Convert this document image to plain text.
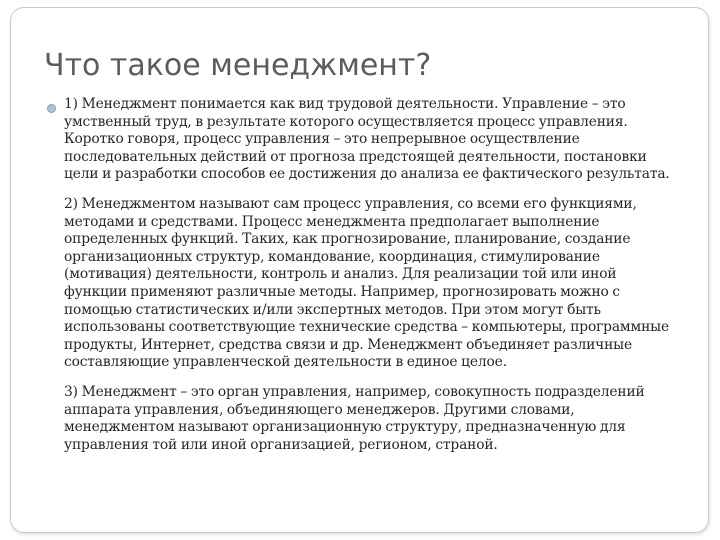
Что такое менеджмент?

1) Менеджмент понимается как вид трудовой деятельности. Управление – это умственный труд, в результате которого осуществляется процесс управления. Коротко говоря, процесс управления – это непрерывное осуществление последовательных действий от прогноза предстоящей деятельности, постановки цели и разработки способов ее достижения до анализа ее фактического результата.

2) Менеджментом называют сам процесс управления, со всеми его функциями, методами и средствами. Процесс менеджмента предполагает выполнение определенных функций. Таких, как прогнозирование, планирование, создание организационных структур, командование, координация, стимулирование (мотивация) деятельности, контроль и анализ. Для реализации той или иной функции применяют различные методы. Например, прогнозировать можно с помощью статистических и/или экспертных методов. При этом могут быть использованы соответствующие технические средства – компьютеры, программные продукты, Интернет, средства связи и др. Менеджмент объединяет различные составляющие управленческой деятельности в единое целое.

3) Менеджмент – это орган управления, например, совокупность подразделений аппарата управления, объединяющего менеджеров. Другими словами, менеджментом называют организационную структуру, предназначенную для управления той или иной организацией, регионом, страной.
